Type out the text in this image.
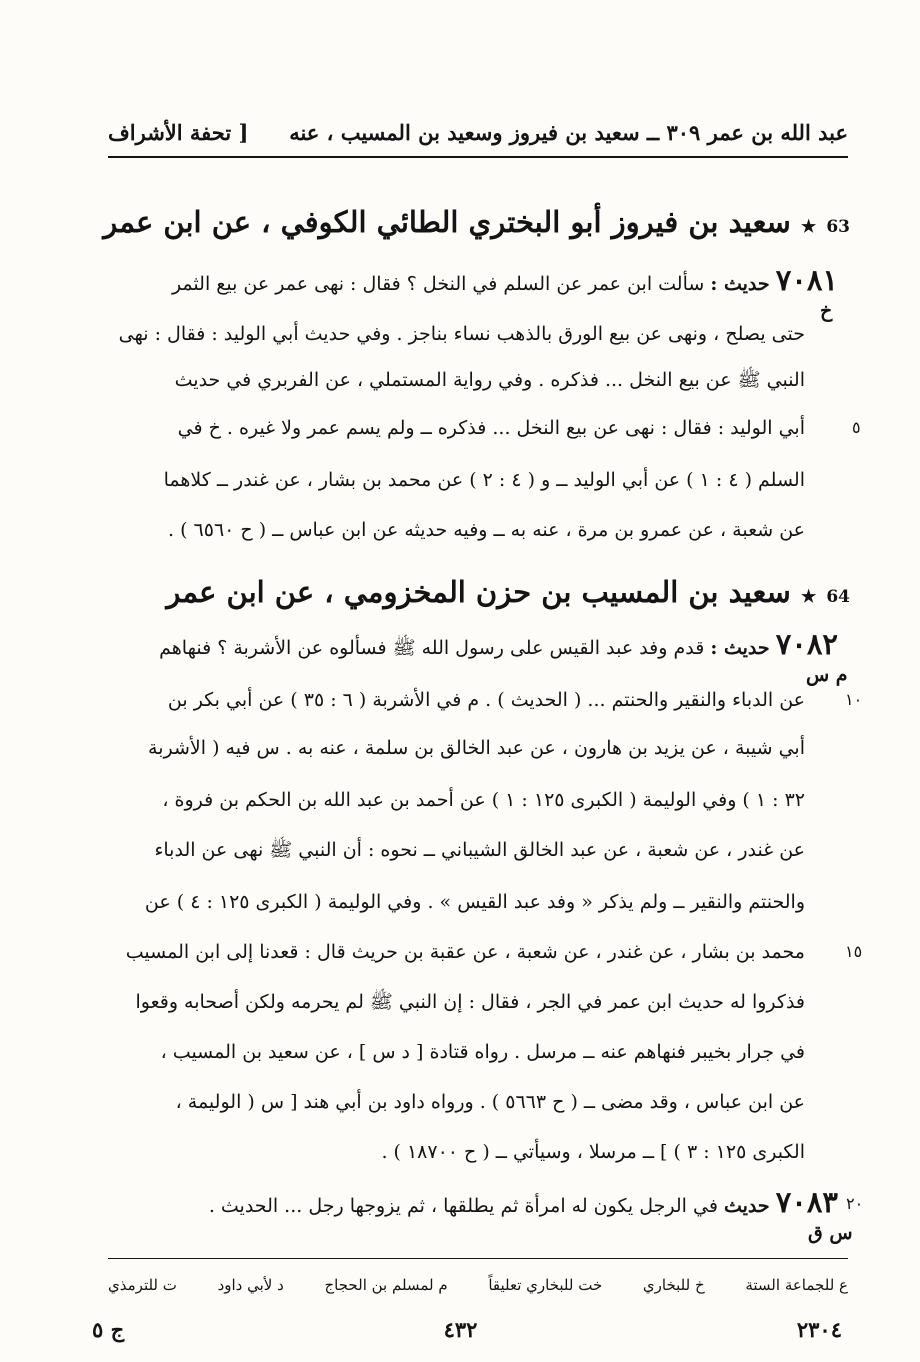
عبد الله بن عمر ٣٠٩ ــ سعيد بن فيروز وسعيد بن المسيب ، عنه
[ تحفة الأشراف
63 ★ سعيد بن فيروز أبو البختري الطائي الكوفي ، عن ابن عمر
٧٠٨١ حديث : سألت ابن عمر عن السلم في النخل ؟ فقال : نهى عمر عن بيع الثمر
خ
حتى يصلح ، ونهى عن بيع الورق بالذهب نساء بناجز . وفي حديث أبي الوليد : فقال : نهى
النبي ﷺ عن بيع النخل ... فذكره . وفي رواية المستملي ، عن الفربري في حديث
أبي الوليد : فقال : نهى عن بيع النخل ... فذكره ــ ولم يسم عمر ولا غيره . خ في	٥
السلم ( ٤ : ١ ) عن أبي الوليد ــ و ( ٤ : ٢ ) عن محمد بن بشار ، عن غندر ــ كلاهما
عن شعبة ، عن عمرو بن مرة ، عنه به ــ وفيه حديثه عن ابن عباس ــ ( ح ٦٥٦٠ ) .
64 ★ سعيد بن المسيب بن حزن المخزومي ، عن ابن عمر
٧٠٨٢ حديث : قدم وفد عبد القيس على رسول الله ﷺ فسألوه عن الأشربة ؟ فنهاهم
م س
عن الدباء والنقير والحنتم ... ( الحديث ) . م في الأشربة ( ٦ : ٣٥ ) عن أبي بكر بن	١٠
أبي شيبة ، عن يزيد بن هارون ، عن عبد الخالق بن سلمة ، عنه به . س فيه ( الأشربة
٣٢ : ١ ) وفي الوليمة ( الكبرى ١٢٥ : ١ ) عن أحمد بن عبد الله بن الحكم بن فروة ،
عن غندر ، عن شعبة ، عن عبد الخالق الشيباني ــ نحوه : أن النبي ﷺ نهى عن الدباء
والحنتم والنقير ــ ولم يذكر « وفد عبد القيس » . وفي الوليمة ( الكبرى ١٢٥ : ٤ ) عن
محمد بن بشار ، عن غندر ، عن شعبة ، عن عقبة بن حريث قال : قعدنا إلى ابن المسيب	١٥
فذكروا له حديث ابن عمر في الجر ، فقال : إن النبي ﷺ لم يحرمه ولكن أصحابه وقعوا
في جرار بخيبر فنهاهم عنه ــ مرسل . رواه قتادة [ د س ] ، عن سعيد بن المسيب ،
عن ابن عباس ، وقد مضى ــ ( ح ٥٦٦٣ ) . ورواه داود بن أبي هند [ س ( الوليمة ،
الكبرى ١٢٥ : ٣ ) ] ــ مرسلا ، وسيأتي ــ ( ح ١٨٧٠٠ ) .
٧٠٨٣ حديث في الرجل يكون له امرأة ثم يطلقها ، ثم يزوجها رجل ... الحديث .	٢٠
س ق
ع للجماعة الستة
خ للبخاري
خت للبخاري تعليقاً
م لمسلم بن الحجاج
د لأبي داود
ت للترمذي
٢٣٠٤
٤٣٢
ج ٥
